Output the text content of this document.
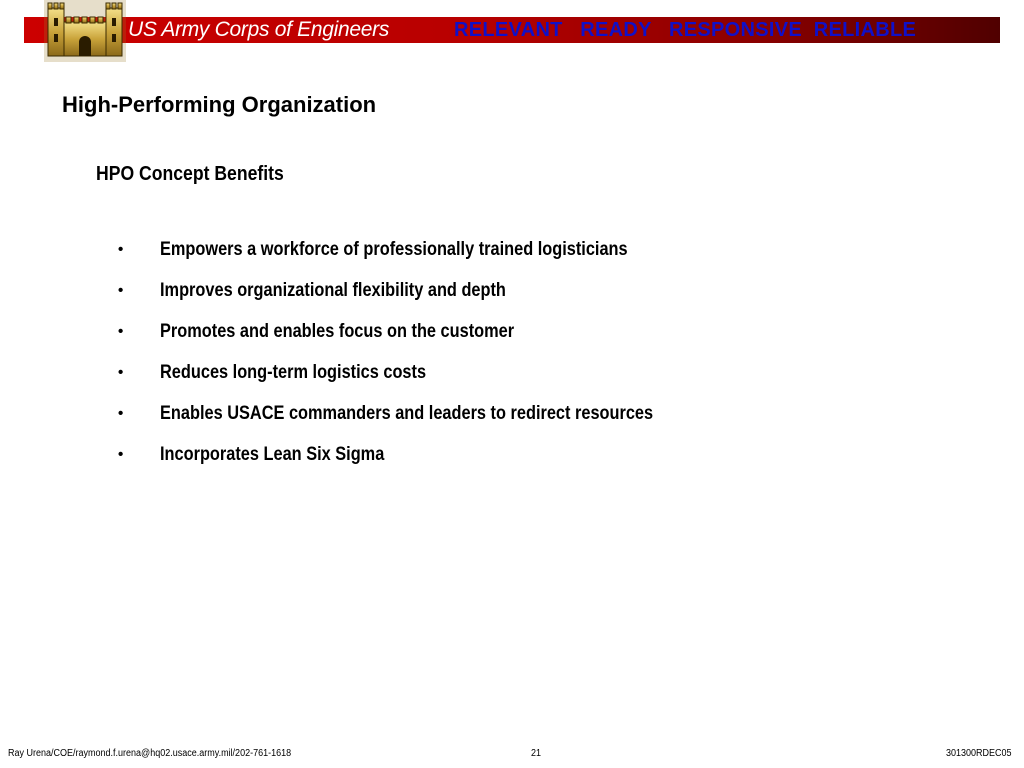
US Army Corps of Engineers	RELEVANT   READY   RESPONSIVE  RELIABLE
High-Performing Organization
HPO Concept Benefits
• Empowers a workforce of professionally trained logisticians
• Improves organizational flexibility and depth
• Promotes and enables focus on the customer
• Reduces long-term logistics costs
• Enables USACE commanders and leaders to redirect resources
• Incorporates Lean Six Sigma
Ray Urena/COE/raymond.f.urena@hq02.usace.army.mil/202-761-1618	21	301300RDEC05
